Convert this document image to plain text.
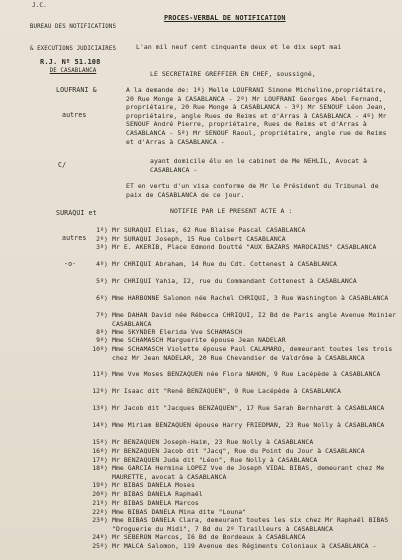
J.C.

BUREAU DES NOTIFICATIONS

& EXECUTIONS JUDICIAIRES

DE CASABLANCA

R.J. Nº 51.108

LOUFRANI &

autres

C/

SURAQUI et

autres

-o-

PROCES-VERBAL DE NOTIFICATION
L'an mil neuf cent cinquante deux et le dix sept mai
LE SECRETAIRE GREFFIER EN CHEF, soussigné,
A la demande de: 1º) Melle LOUFRANI Simone Micheline,propriétaire, 20 Rue Monge à CASABLANCA - 2º) Mr LOUFRANI Georges Abel Fernand, propriétaire, 20 Rue Monge à CASABLANCA - 3º) Mr SENOUF Léon Jean, propriétaire, angle Rues de Reims et d'Arras à CASABLANCA - 4º) Mr SENOUF André Pierre, propriétaire, Rues de Reims et d'Arras à CASABLANCA - 5º) Mr SENOUF Raoul, propriétaire, angle rue de Reims et d'Arras à CASABLANCA -
ayant domicile élu en le cabinet de Me NEHLIL, Avocat à CASABLANCA -
ET en vertu d'un visa conforme de Mr le Président du Tribunal de paix de CASABLANCA de ce jour.
NOTIFIE PAR LE PRESENT ACTE A :
1º) Mr SURAQUI Elias, 62 Rue Blaise Pascal CASABLANCA
2º) Mr SURAQUI Joseph, 15 Rue Colbert CASABLANCA
3º) Mr E. AKERIB, Place Edmond Doutté "AUX BAZARS MAROCAINS" CASABLANCA
4º) Mr CHRIQUI Abraham, 14 Rue du Cdt. Cottenest à CASABLANCA
5º) Mr CHRIQUI Yahia, I2, rue du Commandant Cottenest à CASABLANCA
6º) Mme HARBONNE Salomon née Rachel CHRIQUI, 3 Rue Washington à CASABLANCA
7º) Mme DAHAN David née Rébecca CHRIQUI, I2 Bd de Paris angle Avenue Moinier CASABLANCA
8º) Mme SKYNDER Elerida Vve SCHAMASCH
9º) Mme SCHAMASCH Marguerite épouse Jean NADELAR
10º) Mme SCHAMASCH Violette épouse Paul CALAMARO, demeurant toutes les trois chez Mr Jean NADELAR, 20 Rue Chevandier de Valdrôme à CASABLANCA
11º) Mme Vve Moses BENZAQUEN née Flora NAHON, 9 Rue Lacépède à CASABLANCA
12º) Mr Isaac dit "René BENZAQUEN", 9 Rue Lacépède à CASABLANCA
13º) Mr Jacob dit "Jacques BENZAQUEN", 17 Rue Sarah Bernhardt à CASABLANCA
14º) Mme Miriam BENZAQUEN épouse Harry FRIEDMAN, 23 Rue Nolly à CASABLANCA
15º) Mr BENZAQUEN Joseph-Haim, 23 Rue Nolly à CASABLANCA
16º) Mr BENZAQUEN Jacob dit "Jacq", Rue du Point du Jour à CASABLANCA
17º) Mr BENZAQUEN Juda dit "Léon", Rue Nolly à CASABLANCA
18º) Mme GARCIA Hermina LOPEZ Vve de Joseph VIDAL BIBAS, demeurant chez Me MAURETTE, avocat à CASABLANCA
19º) Mr BIBAS DANELA Moses
20º) Mr BIBAS DANELA Raphaël
21º) Mr BIBAS DANELA Marcos
22º) Mme BIBAS DANELA Mina dite "Louna"
23º) Mme BIBAS DANELA Clara, demeurant toutes les six chez Mr Raphaël BIBAS "Droguerie du Midi", 7 Bd du 2º Tirailleurs à CASABLANCA
24º) Mr SEBERON Marcos, I6 Bd de Bordeaux à CASABLANCA
25º) Mr MALCA Salomon, 119 Avenue des Régiments Coloniaux à CASABLANCA -
